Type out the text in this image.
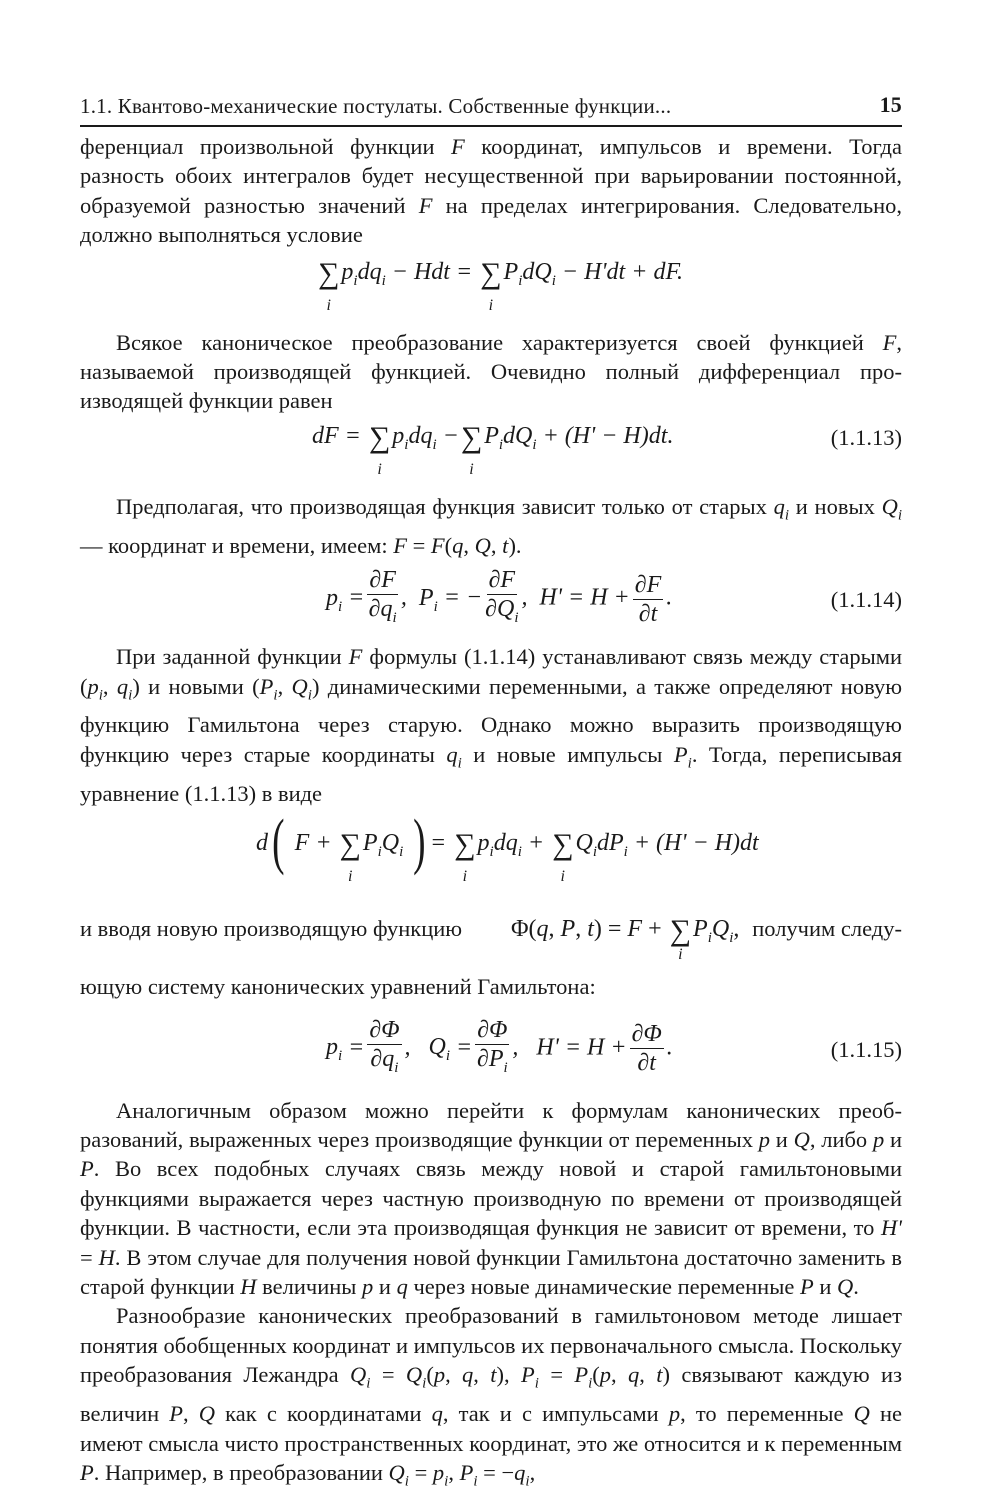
1.1. Квантово-механические постулаты. Собственные функции...	15

ференциал произвольной функции F координат, импульсов и времени. Тогда разность обоих интегралов будет несущественной при варьировании постоянной, образуемой разностью значений F на пределах интегрирования. Следовательно, должно выполняться условие

∑
i
$p_idq_i$ − Hdt = ∑
i
$P_idQ_i - H'dt$ + dF.

Всякое каноническое преобразование характеризуется своей функцией F, называемой производящей функцией. Очевидно полный дифференциал производящей функции равен

dF = ∑
i
$p_idq_i$ −∑
i
$P_idQ_i + (H' - H)dt$.	(1.1.13)

Предполагая, что производящая функция зависит только от старых $q_i$ и новых $Q_i$ — координат и времени, имеем: F = F(q, Q, t).

$p_i = \frac{\partial F}{\partial q_i}$ ,  $P_i$ = − $\frac{\partial F}{\partial Q_i}$ ,  $H' = H + \frac{\partial F}{\partial t}$ .	(1.1.14)

При заданной функции F формулы (1.1.14) устанавливают связь между старыми ($p_i$, $q_i$) и новыми ($P_i$, $Q_i$) динамическими переменными, а также определяют новую функцию Гамильтона через старую. Однако можно выразить производящую функцию через старые координаты $q_i$ и новые импульсы $P_i$. Тогда, переписывая уравнение (1.1.13) в виде

d( F + ∑
i
$P_iQ_i$ ) = ∑
i
$p_idq_i$ + ∑
i
$Q_idP_i + (H' - H)dt$
и вводя новую производящую функцию Φ(q, P, t) = F + ∑
i
$P_iQ_i$, получим следу-

ющую систему канонических уравнений Гамильтона:

$p_i = \frac{\partial\Phi}{\partial q_i}$ ,   $Q_i = \frac{\partial\Phi}{\partial P_i}$ ,   $H' = H + \frac{\partial\Phi}{\partial t}$ .	(1.1.15)

Аналогичным образом можно перейти к формулам канонических преобразований, выраженных через производящие функции от переменных p и Q, либо p и P. Во всех подобных случаях связь между новой и старой гамильтоновыми функциями выражается через частную производную по времени от производящей функции. В частности, если эта производящая функция не зависит от времени, то H' = H. В этом случае для получения новой функции Гамильтона достаточно заменить в старой функции H величины p и q через новые динамические переменные P и Q.

Разнообразие канонических преобразований в гамильтоновом методе лишает понятия обобщенных координат и импульсов их первоначального смысла. Поскольку преобразования Лежандра $Q_i = Q_i(p$, q, t), $P_i = P_i(p$, q, t) связывают каждую из величин P, Q как с координатами q, так и с импульсами p, то переменные Q не имеют смысла чисто пространственных координат, это же относится и к переменным P. Например, в преобразовании $Q_i = p_i$, $P_i = -q_i$,
